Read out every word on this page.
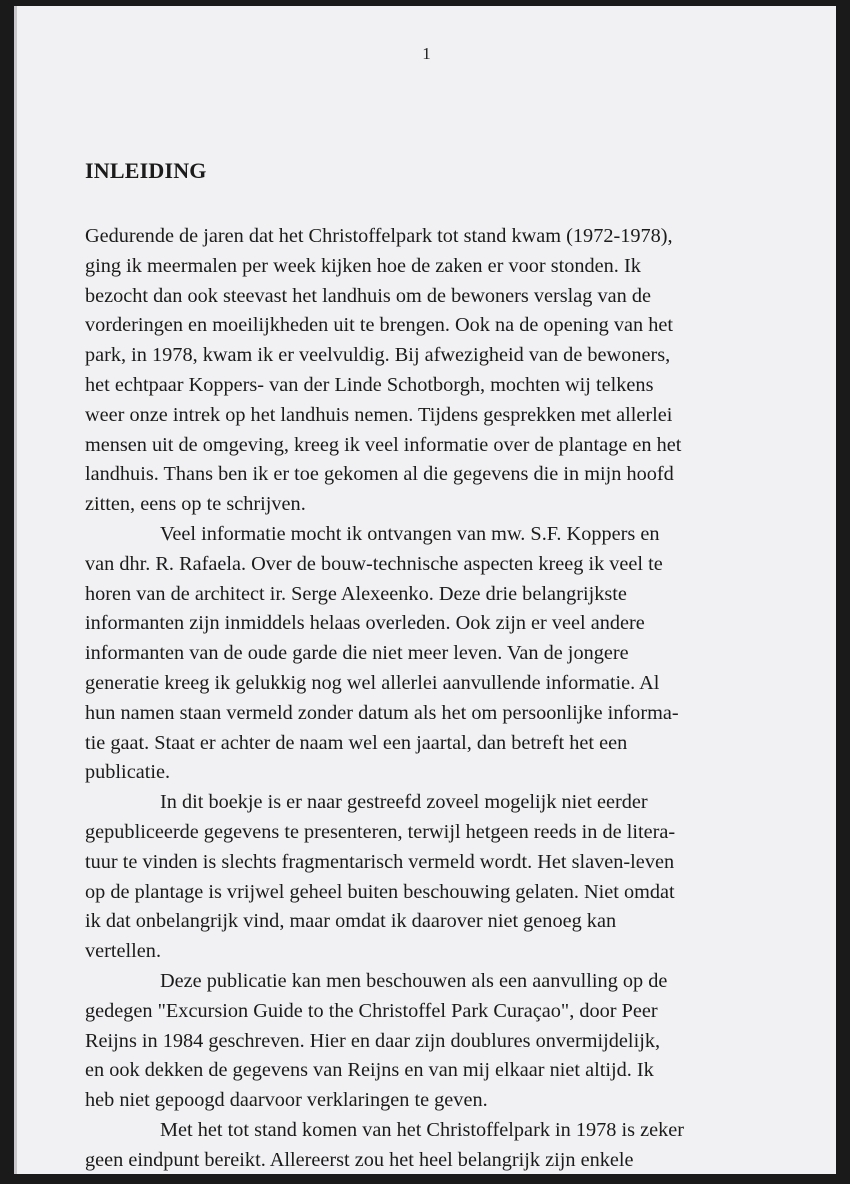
1
INLEIDING

Gedurende de jaren dat het Christoffelpark tot stand kwam (1972-1978),
ging ik meermalen per week kijken hoe de zaken er voor stonden. Ik
bezocht dan ook steevast het landhuis om de bewoners verslag van de
vorderingen en moeilijkheden uit te brengen. Ook na de opening van het
park, in 1978, kwam ik er veelvuldig. Bij afwezigheid van de bewoners,
het echtpaar Koppers- van der Linde Schotborgh, mochten wij telkens
weer onze intrek op het landhuis nemen. Tijdens gesprekken met allerlei
mensen uit de omgeving, kreeg ik veel informatie over de plantage en het
landhuis. Thans ben ik er toe gekomen al die gegevens die in mijn hoofd
zitten, eens op te schrijven.

Veel informatie mocht ik ontvangen van mw. S.F. Koppers en
van dhr. R. Rafaela. Over de bouw-technische aspecten kreeg ik veel te
horen van de architect ir. Serge Alexeenko. Deze drie belangrijkste
informanten zijn inmiddels helaas overleden. Ook zijn er veel andere
informanten van de oude garde die niet meer leven. Van de jongere
generatie kreeg ik gelukkig nog wel allerlei aanvullende informatie. Al
hun namen staan vermeld zonder datum als het om persoonlijke informa-
tie gaat. Staat er achter de naam wel een jaartal, dan betreft het een
publicatie.

In dit boekje is er naar gestreefd zoveel mogelijk niet eerder
gepubliceerde gegevens te presenteren, terwijl hetgeen reeds in de litera-
tuur te vinden is slechts fragmentarisch vermeld wordt. Het slaven-leven
op de plantage is vrijwel geheel buiten beschouwing gelaten. Niet omdat
ik dat onbelangrijk vind, maar omdat ik daarover niet genoeg kan
vertellen.

Deze publicatie kan men beschouwen als een aanvulling op de
gedegen "Excursion Guide to the Christoffel Park Curaçao", door Peer
Reijns in 1984 geschreven. Hier en daar zijn doublures onvermijdelijk,
en ook dekken de gegevens van Reijns en van mij elkaar niet altijd. Ik
heb niet gepoogd daarvoor verklaringen te geven.

Met het tot stand komen van het Christoffelpark in 1978 is zeker
geen eindpunt bereikt. Allereerst zou het heel belangrijk zijn enkele
